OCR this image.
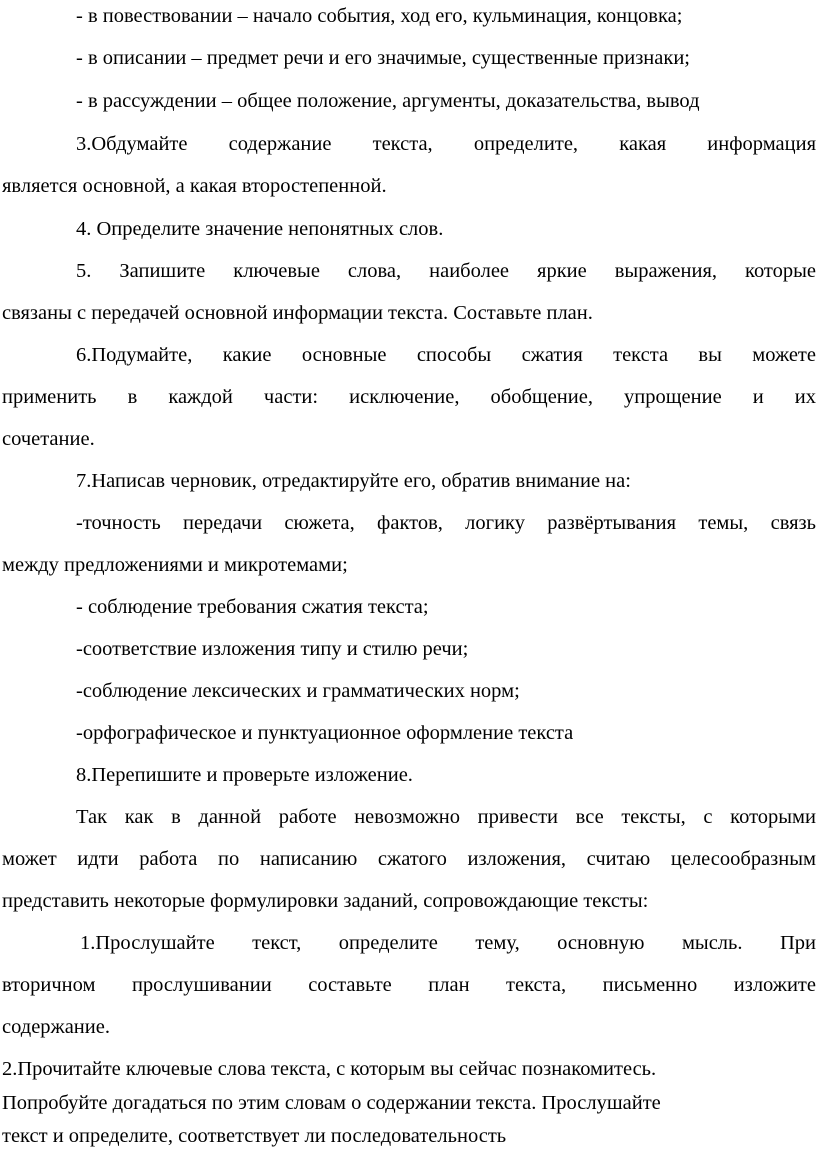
- в повествовании – начало события, ход его, кульминация, концовка;

- в описании – предмет речи и его значимые, существенные признаки;

- в рассуждении – общее положение, аргументы, доказательства, вывод

3.Обдумайте содержание текста, определите, какая информация

является основной, а какая второстепенной.

4. Определите значение непонятных слов.

5. Запишите ключевые слова, наиболее яркие выражения, которые

связаны с передачей основной информации текста. Составьте план.

6.Подумайте, какие основные способы сжатия текста вы можете

применить в каждой части: исключение, обобщение, упрощение и их

сочетание.

7.Написав черновик, отредактируйте его, обратив внимание на:

-точность передачи сюжета, фактов, логику развёртывания темы, связь

между предложениями и микротемами;

- соблюдение требования сжатия текста;

-соответствие изложения типу и стилю речи;

-соблюдение лексических и грамматических норм;

-орфографическое и пунктуационное оформление текста

8.Перепишите и проверьте изложение.

Так как в данной работе невозможно привести все тексты, с которыми

может идти работа по написанию сжатого изложения, считаю целесообразным

представить некоторые формулировки заданий, сопровождающие тексты:

1.Прослушайте текст, определите тему, основную мысль. При

вторичном прослушивании составьте план текста, письменно изложите

содержание.

2.Прочитайте ключевые слова текста, с которым вы сейчас познакомитесь.

Попробуйте догадаться по этим словам о содержании текста. Прослушайте

текст и определите, соответствует ли последовательность
